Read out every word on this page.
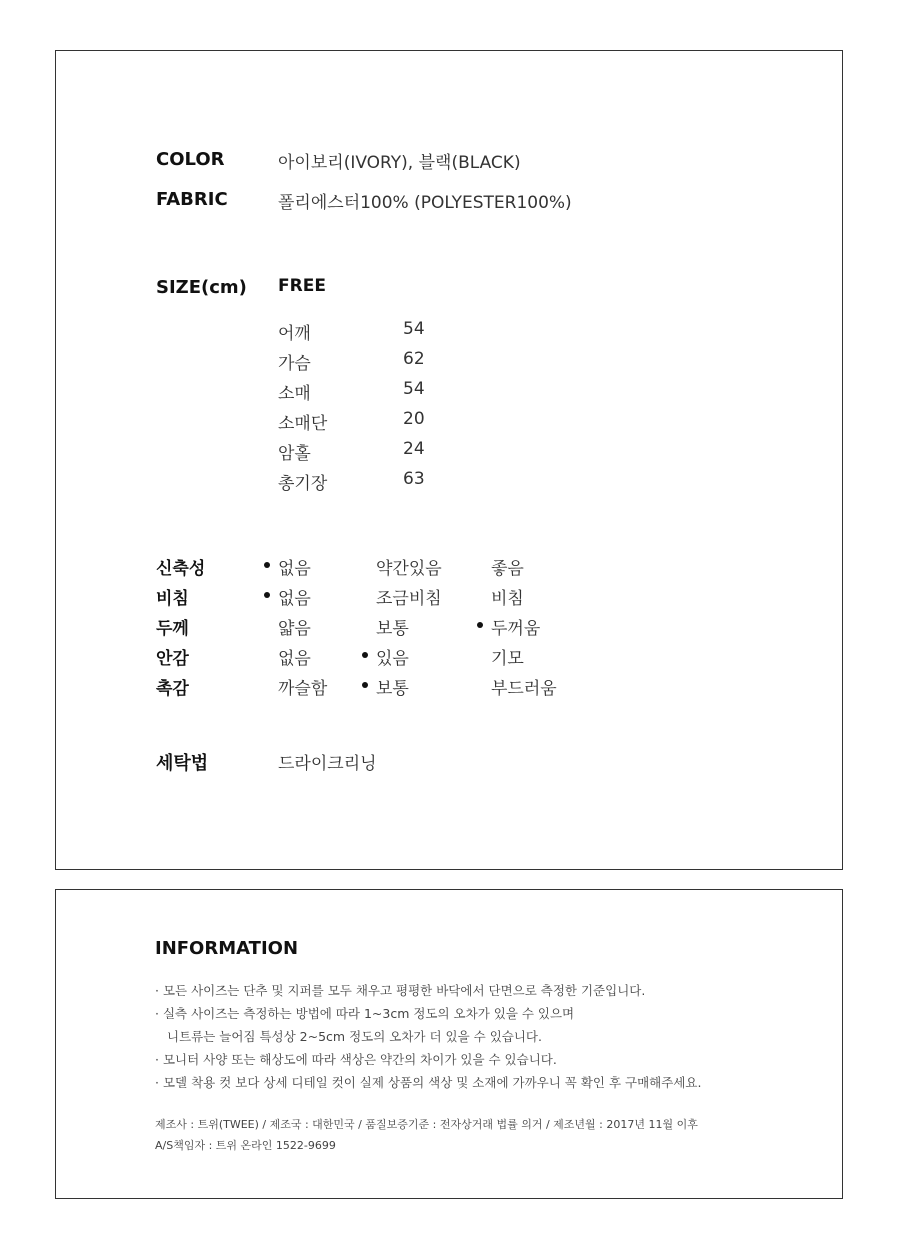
COLOR	아이보리(IVORY), 블랙(BLACK)
FABRIC	폴리에스터100% (POLYESTER100%)
SIZE(cm) FREE
어깨	54
가슴	62
소매	54
소매단	20
암홀	24
총기장	63
신축성	없음	약간있음	좋음
비침	없음	조금비침	비침
두께	얇음	보통	두꺼움
안감	없음	있음	기모
촉감	까슬함	보통	부드러움
세탁법	드라이크리닝
INFORMATION
· 모든 사이즈는 단추 및 지퍼를 모두 채우고 평평한 바닥에서 단면으로 측정한 기준입니다.
· 실측 사이즈는 측정하는 방법에 따라 1~3cm 정도의 오차가 있을 수 있으며
니트류는 늘어짐 특성상 2~5cm 정도의 오차가 더 있을 수 있습니다.
· 모니터 사양 또는 해상도에 따라 색상은 약간의 차이가 있을 수 있습니다.
· 모델 착용 컷 보다 상세 디테일 컷이 실제 상품의 색상 및 소재에 가까우니 꼭 확인 후 구매해주세요.
제조사 : 트위(TWEE) / 제조국 : 대한민국 / 품질보증기준 : 전자상거래 법률 의거 / 제조년월 : 2017년 11월 이후
A/S책임자 : 트위 온라인 1522-9699
